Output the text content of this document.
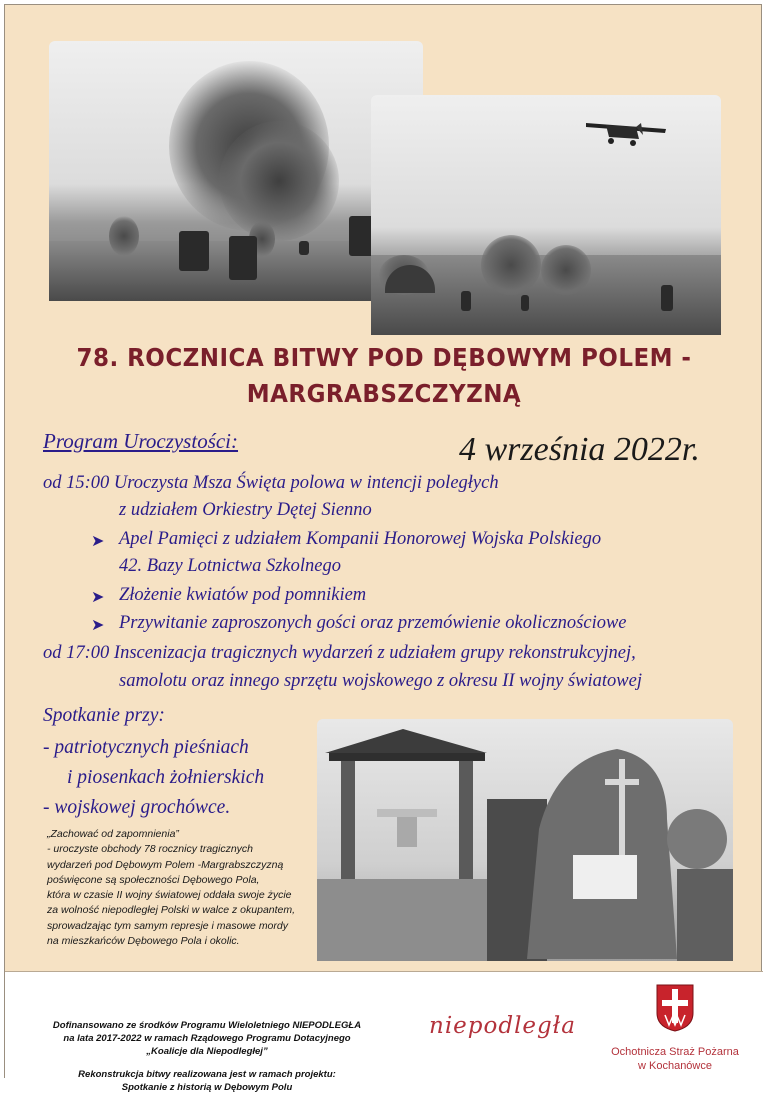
78. ROCZNICA BITWY POD DĘBOWYM POLEM -
MARGRABSZCZYZNĄ
Program Uroczystości:	4 września 2022r.
od 15:00 Uroczysta Msza Święta polowa w intencji poległych
z udziałem Orkiestry Dętej Sienno
➤ Apel Pamięci z udziałem Kompanii Honorowej Wojska Polskiego
42. Bazy Lotnictwa Szkolnego
➤ Złożenie kwiatów pod pomnikiem
➤ Przywitanie zaproszonych gości oraz przemówienie okolicznościowe
od 17:00 Inscenizacja tragicznych wydarzeń z udziałem grupy rekonstrukcyjnej,
samolotu oraz innego sprzętu wojskowego z okresu II wojny światowej
Spotkanie przy:
- patriotycznych pieśniach
i piosenkach żołnierskich
- wojskowej grochówce.
„Zachować od zapomnienia”
- uroczyste obchody 78 rocznicy tragicznych
wydarzeń pod Dębowym Polem -Margrabszczyzną
poświęcone są społeczności Dębowego Pola,
która w czasie II wojny światowej oddała swoje życie
za wolność niepodległej Polski w walce z okupantem,
sprowadzając tym samym represje i masowe mordy
na mieszkańców Dębowego Pola i okolic.
Dofinansowano ze środków Programu Wieloletniego NIEPODLEGŁA
na lata 2017-2022 w ramach Rządowego Programu Dotacyjnego
„Koalicje dla Niepodległej”
Rekonstrukcja bitwy realizowana jest w ramach projektu:
Spotkanie z historią w Dębowym Polu
niepodległa
Ochotnicza Straż Pożarna
w Kochanówce
